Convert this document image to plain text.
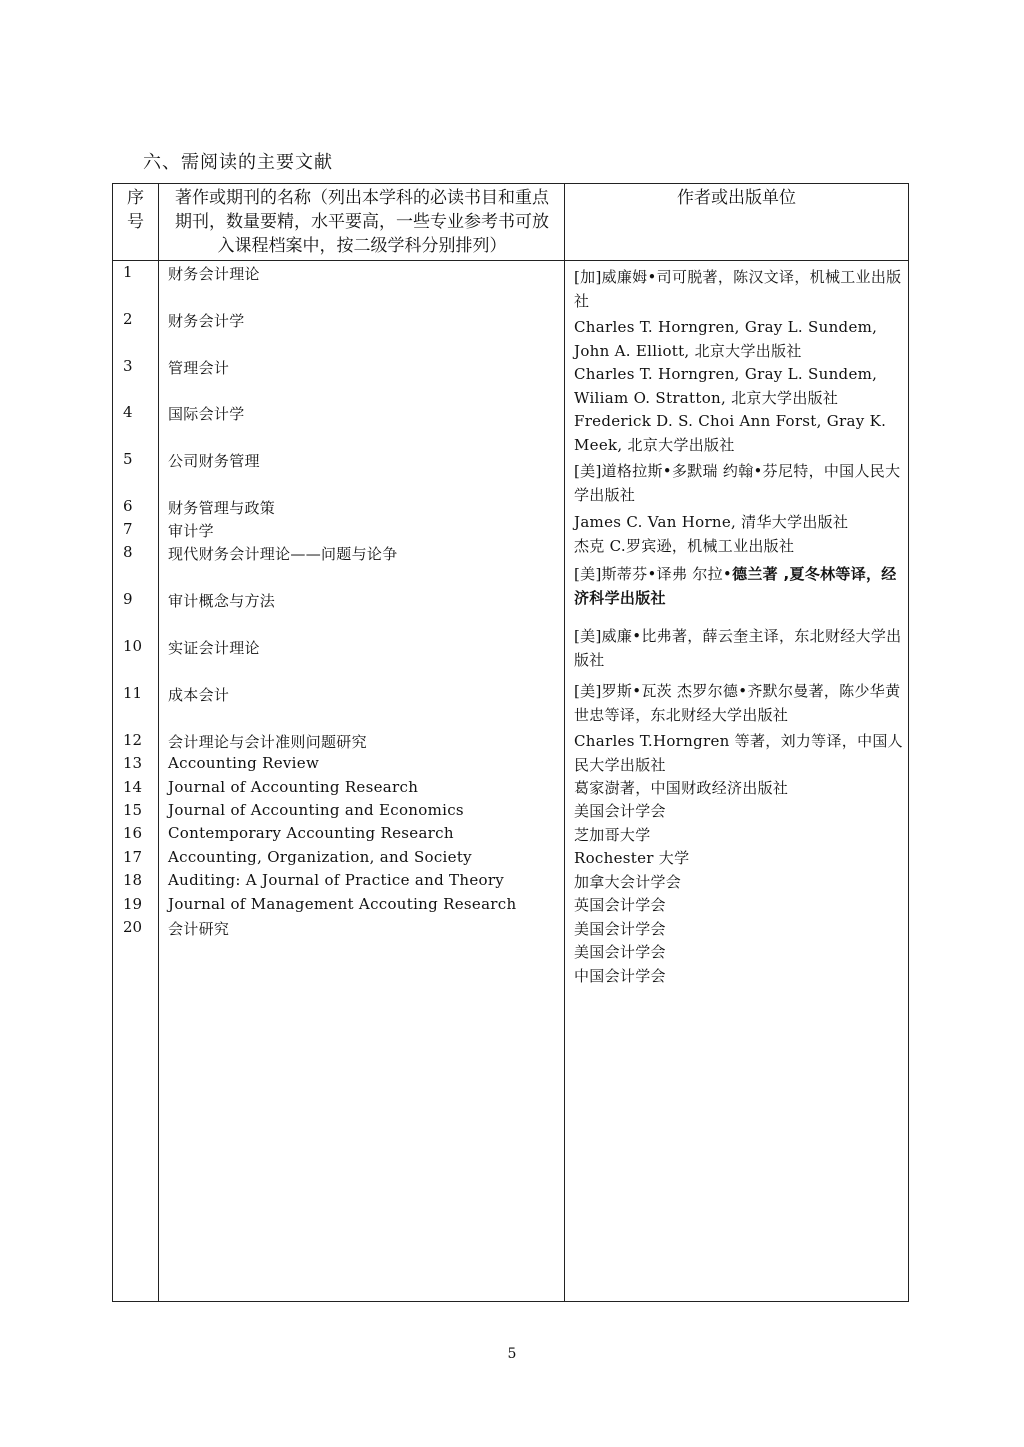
六、需阅读的主要文献
序号
著作或期刊的名称（列出本学科的必读书目和重点期刊，数量要精，水平要高，一些专业参考书可放入课程档案中，按二级学科分别排列）
作者或出版单位
1
2
3
4
5
6
7
8
9
10
11
12
13
14
15
16
17
18
19
20
财务会计理论
财务会计学
管理会计
国际会计学
公司财务管理
财务管理与政策
审计学
现代财务会计理论——问题与论争
审计概念与方法
实证会计理论
成本会计
会计理论与会计准则问题研究
Accounting Review
Journal of Accounting Research
Journal of Accounting and Economics
Contemporary Accounting Research
Accounting, Organization, and Society
Auditing: A Journal of Practice and Theory
Journal of Management Accouting Research
会计研究
[加]威廉姆•司可脱著，陈汉文译，机械工业出版社
Charles T. Horngren, Gray L. Sundem, John A. Elliott, 北京大学出版社
Charles T. Horngren, Gray L. Sundem, Wiliam O. Stratton, 北京大学出版社
Frederick D. S. Choi Ann Forst, Gray K. Meek, 北京大学出版社
[美]道格拉斯•多默瑞 约翰•芬尼特，中国人民大学出版社
James C. Van Horne, 清华大学出版社
杰克 C.罗宾逊，机械工业出版社
[美]斯蒂芬•译弗 尔拉•德兰著 ,夏冬林等译，经济科学出版社
[美]威廉•比弗著，薛云奎主译，东北财经大学出版社
[美]罗斯•瓦茨 杰罗尔德•齐默尔曼著，陈少华黄世忠等译，东北财经大学出版社
Charles T.Horngren 等著，刘力等译，中国人民大学出版社
葛家澍著，中国财政经济出版社
美国会计学会
芝加哥大学
Rochester 大学
加拿大会计学会
英国会计学会
美国会计学会
美国会计学会
中国会计学会
5
